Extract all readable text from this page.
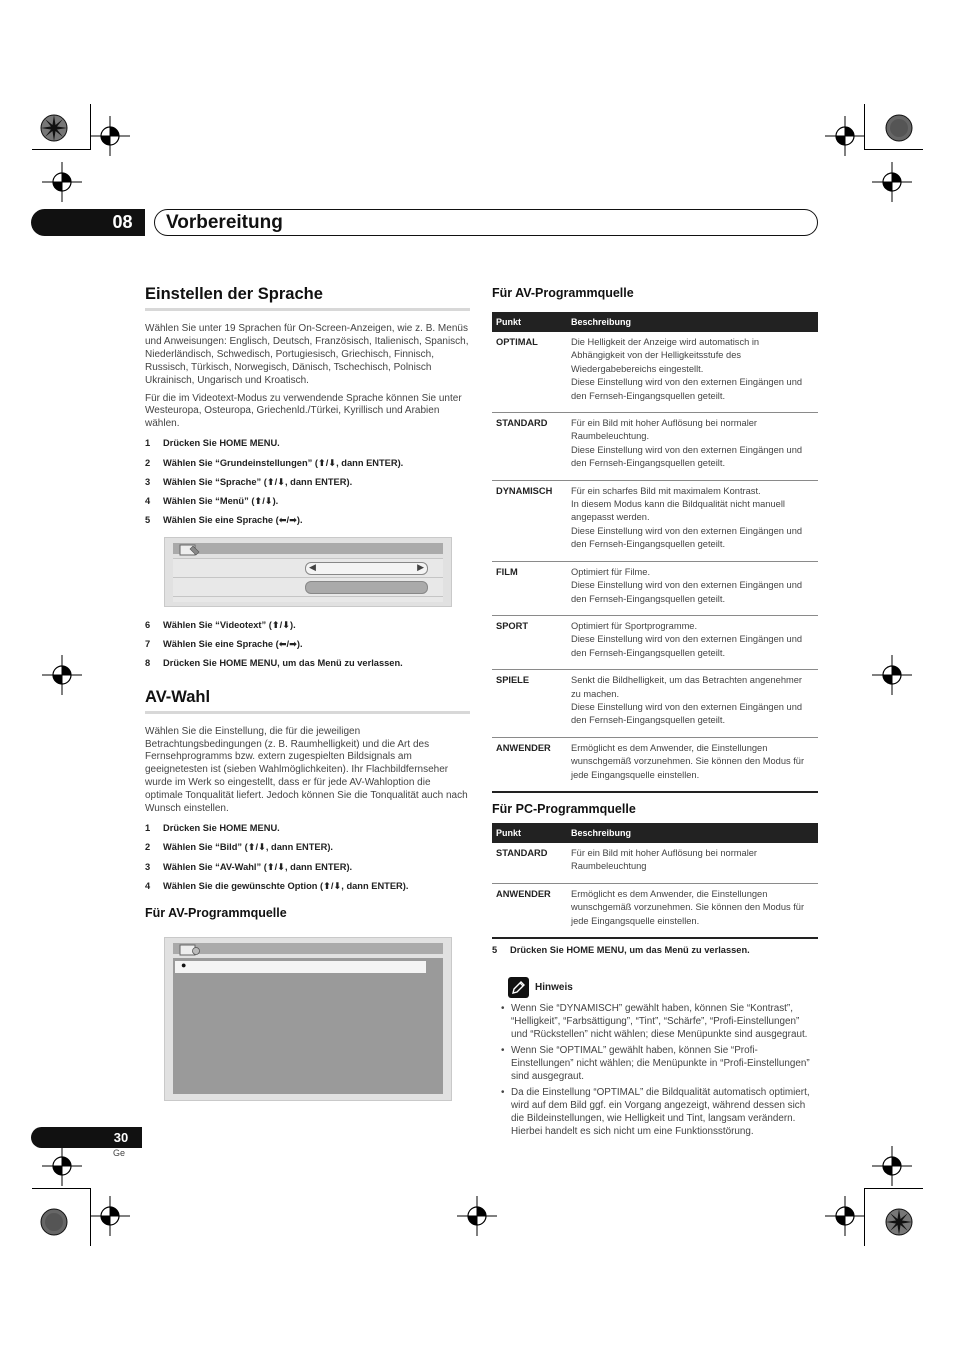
08	Vorbereitung
Einstellen der Sprache

Wählen Sie unter 19 Sprachen für On-Screen-Anzeigen, wie z. B. Menüs und Anweisungen: Englisch, Deutsch, Französisch, Italienisch, Spanisch, Niederländisch, Schwedisch, Portugiesisch, Griechisch, Finnisch, Russisch, Türkisch, Norwegisch, Dänisch, Tschechisch, Polnisch Ukrainisch, Ungarisch und Kroatisch.

Für die im Videotext-Modus zu verwendende Sprache können Sie unter Westeuropa, Osteuropa, Griechenld./Türkei, Kyrillisch und Arabien wählen.

1	Drücken Sie HOME MENU.
2	Wählen Sie “Grundeinstellungen” (⬆/⬇, dann ENTER).
3	Wählen Sie “Sprache” (⬆/⬇, dann ENTER).
4	Wählen Sie “Menü” (⬆/⬇).
5	Wählen Sie eine Sprache (⬅/➡).
◀	▶
6	Wählen Sie “Videotext” (⬆/⬇).
7	Wählen Sie eine Sprache (⬅/➡).
8	Drücken Sie HOME MENU, um das Menü zu verlassen.
AV-Wahl

Wählen Sie die Einstellung, die für die jeweiligen Betrachtungsbedingungen (z. B. Raumhelligkeit) und die Art des Fernsehprogramms bzw. extern zugespielten Bildsignals am geeignetesten ist (sieben Wahlmöglichkeiten). Ihr Flachbildfernseher wurde im Werk so eingestellt, dass er für jede AV-Wahloption die optimale Tonqualität liefert. Jedoch können Sie die Tonqualität auch nach Wunsch einstellen.

1	Drücken Sie HOME MENU.
2	Wählen Sie “Bild” (⬆/⬇, dann ENTER).
3	Wählen Sie “AV-Wahl” (⬆/⬇, dann ENTER).
4	Wählen Sie die gewünschte Option (⬆/⬇, dann ENTER).
Für AV-Programmquelle
●
Für AV-Programmquelle
Punkt	Beschreibung
OPTIMAL	Die Helligkeit der Anzeige wird automatisch in Abhängigkeit von der Helligkeitsstufe des Wiedergabebereichs eingestellt.
Diese Einstellung wird von den externen Eingängen und den Fernseh-Eingangsquellen geteilt.
STANDARD	Für ein Bild mit hoher Auflösung bei normaler Raumbeleuchtung.
Diese Einstellung wird von den externen Eingängen und den Fernseh-Eingangsquellen geteilt.
DYNAMISCH	Für ein scharfes Bild mit maximalem Kontrast.
In diesem Modus kann die Bildqualität nicht manuell angepasst werden.
Diese Einstellung wird von den externen Eingängen und den Fernseh-Eingangsquellen geteilt.
FILM	Optimiert für Filme.
Diese Einstellung wird von den externen Eingängen und den Fernseh-Eingangsquellen geteilt.
SPORT	Optimiert für Sportprogramme.
Diese Einstellung wird von den externen Eingängen und den Fernseh-Eingangsquellen geteilt.
SPIELE	Senkt die Bildhelligkeit, um das Betrachten angenehmer zu machen.
Diese Einstellung wird von den externen Eingängen und den Fernseh-Eingangsquellen geteilt.
ANWENDER	Ermöglicht es dem Anwender, die Einstellungen wunschgemäß vorzunehmen. Sie können den Modus für jede Eingangsquelle einstellen.
Für PC-Programmquelle
Punkt	Beschreibung
STANDARD	Für ein Bild mit hoher Auflösung bei normaler Raumbeleuchtung
ANWENDER	Ermöglicht es dem Anwender, die Einstellungen wunschgemäß vorzunehmen. Sie können den Modus für jede Eingangsquelle einstellen.
5	Drücken Sie HOME MENU, um das Menü zu verlassen.
Hinweis
• Wenn Sie “DYNAMISCH” gewählt haben, können Sie “Kontrast”, “Helligkeit”, “Farbsättigung”, “Tint”, “Schärfe”, “Profi-Einstellungen” und “Rückstellen” nicht wählen; diese Menüpunkte sind ausgegraut.
• Wenn Sie “OPTIMAL” gewählt haben, können Sie “Profi-Einstellungen” nicht wählen; die Menüpunkte in “Profi-Einstellungen” sind ausgegraut.
• Da die Einstellung “OPTIMAL” die Bildqualität automatisch optimiert, wird auf dem Bild ggf. ein Vorgang angezeigt, während dessen sich die Bildeinstellungen, wie Helligkeit und Tint, langsam verändern. Hierbei handelt es sich nicht um eine Funktionsstörung.
30
Ge
